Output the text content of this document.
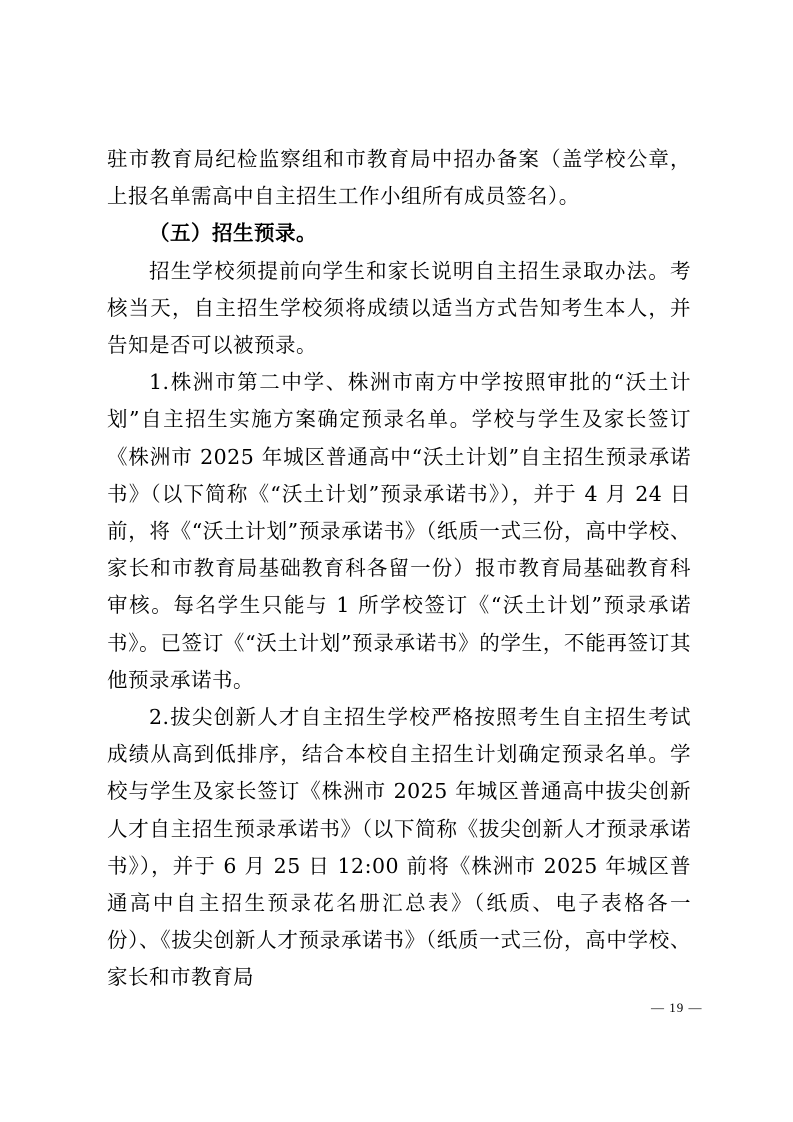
驻市教育局纪检监察组和市教育局中招办备案（盖学校公章，上报名单需高中自主招生工作小组所有成员签名）。

（五）招生预录。

招生学校须提前向学生和家长说明自主招生录取办法。考核当天，自主招生学校须将成绩以适当方式告知考生本人，并告知是否可以被预录。

1.株洲市第二中学、株洲市南方中学按照审批的“沃土计划”自主招生实施方案确定预录名单。学校与学生及家长签订《株洲市 2025 年城区普通高中“沃土计划”自主招生预录承诺书》（以下简称《“沃土计划”预录承诺书》），并于 4 月 24 日前，将《“沃土计划”预录承诺书》（纸质一式三份，高中学校、家长和市教育局基础教育科各留一份）报市教育局基础教育科审核。每名学生只能与 1 所学校签订《“沃土计划”预录承诺书》。已签订《“沃土计划”预录承诺书》的学生，不能再签订其他预录承诺书。

2.拔尖创新人才自主招生学校严格按照考生自主招生考试成绩从高到低排序，结合本校自主招生计划确定预录名单。学校与学生及家长签订《株洲市 2025 年城区普通高中拔尖创新人才自主招生预录承诺书》（以下简称《拔尖创新人才预录承诺书》），并于 6 月 25 日 12:00 前将《株洲市 2025 年城区普通高中自主招生预录花名册汇总表》（纸质、电子表格各一份）、《拔尖创新人才预录承诺书》（纸质一式三份，高中学校、家长和市教育局

— 19 —
